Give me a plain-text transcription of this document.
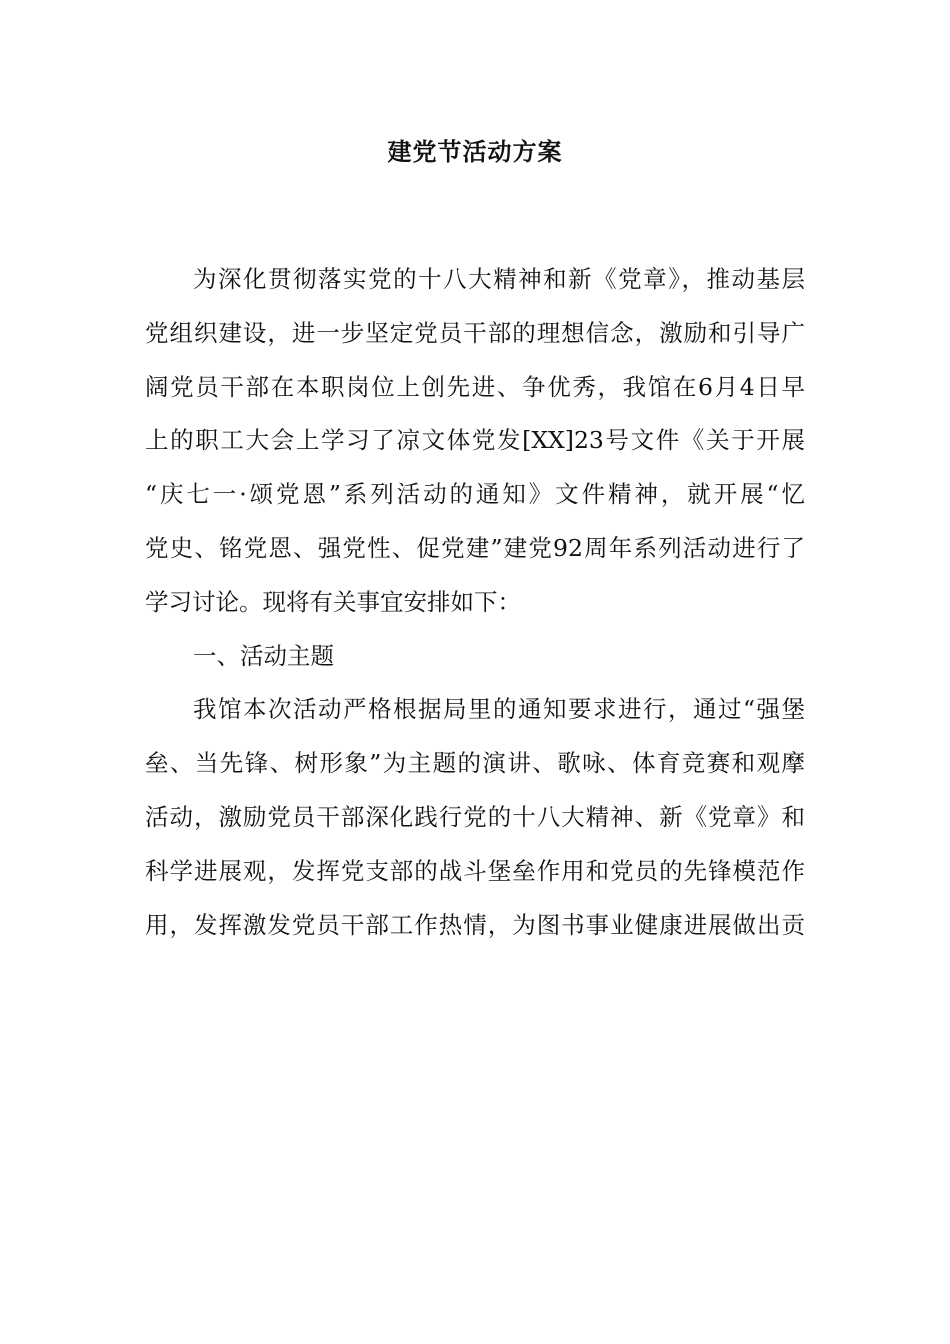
建党节活动方案
为深化贯彻落实党的十八大精神和新《党章》，推动基层
党组织建设，进一步坚定党员干部的理想信念，激励和引导广
阔党员干部在本职岗位上创先进、争优秀，我馆在6月4日早
上的职工大会上学习了凉文体党发[XX]23号文件《关于开展
“庆七一·颂党恩”系列活动的通知》文件精神，就开展“忆
党史、铭党恩、强党性、促党建”建党92周年系列活动进行了
学习讨论。现将有关事宜安排如下：
一、活动主题
我馆本次活动严格根据局里的通知要求进行，通过“强堡
垒、当先锋、树形象”为主题的演讲、歌咏、体育竞赛和观摩
活动，激励党员干部深化践行党的十八大精神、新《党章》和
科学进展观，发挥党支部的战斗堡垒作用和党员的先锋模范作
用，发挥激发党员干部工作热情，为图书事业健康进展做出贡
